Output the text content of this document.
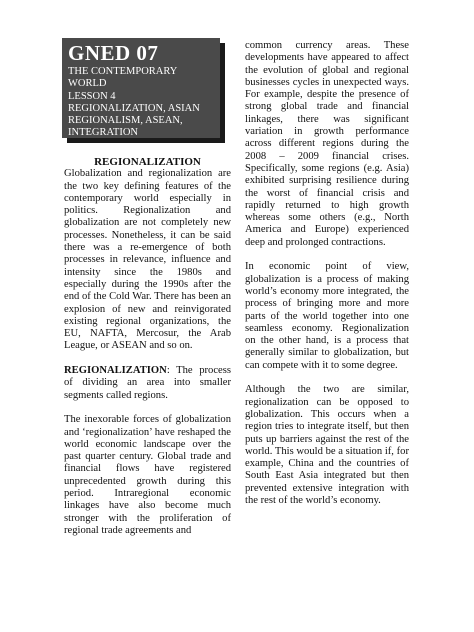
GNED 07
THE CONTEMPORARY WORLD
LESSON 4
REGIONALIZATION, ASIAN REGIONALISM, ASEAN, INTEGRATION

REGIONALIZATION

Globalization and regionalization are the two key defining features of the contemporary world especially in politics. Regionalization and globalization are not completely new processes. Nonetheless, it can be said there was a re-emergence of both processes in relevance, influence and intensity since the 1980s and especially during the 1990s after the end of the Cold War. There has been an explosion of new and reinvigorated existing regional organizations, the EU, NAFTA, Mercosur, the Arab League, or ASEAN and so on.

REGIONALIZATION: The process of dividing an area into smaller segments called regions.

The inexorable forces of globalization and ‘regionalization’ have reshaped the world economic landscape over the past quarter century. Global trade and financial flows have registered unprecedented growth during this period. Intraregional economic linkages have also become much stronger with the proliferation of regional trade agreements and

common currency areas. These developments have appeared to affect the evolution of global and regional businesses cycles in unexpected ways. For example, despite the presence of strong global trade and financial linkages, there was significant variation in growth performance across different regions during the 2008 – 2009 financial crises. Specifically, some regions (e.g. Asia) exhibited surprising resilience during the worst of financial crisis and rapidly returned to high growth whereas some others (e.g., North America and Europe) experienced deep and prolonged contractions.

In economic point of view, globalization is a process of making world’s economy more integrated, the process of bringing more and more parts of the world together into one seamless economy. Regionalization on the other hand, is a process that generally similar to globalization, but can compete with it to some degree.

Although the two are similar, regionalization can be opposed to globalization. This occurs when a region tries to integrate itself, but then puts up barriers against the rest of the world. This would be a situation if, for example, China and the countries of South East Asia integrated but then prevented extensive integration with the rest of the world’s economy.
